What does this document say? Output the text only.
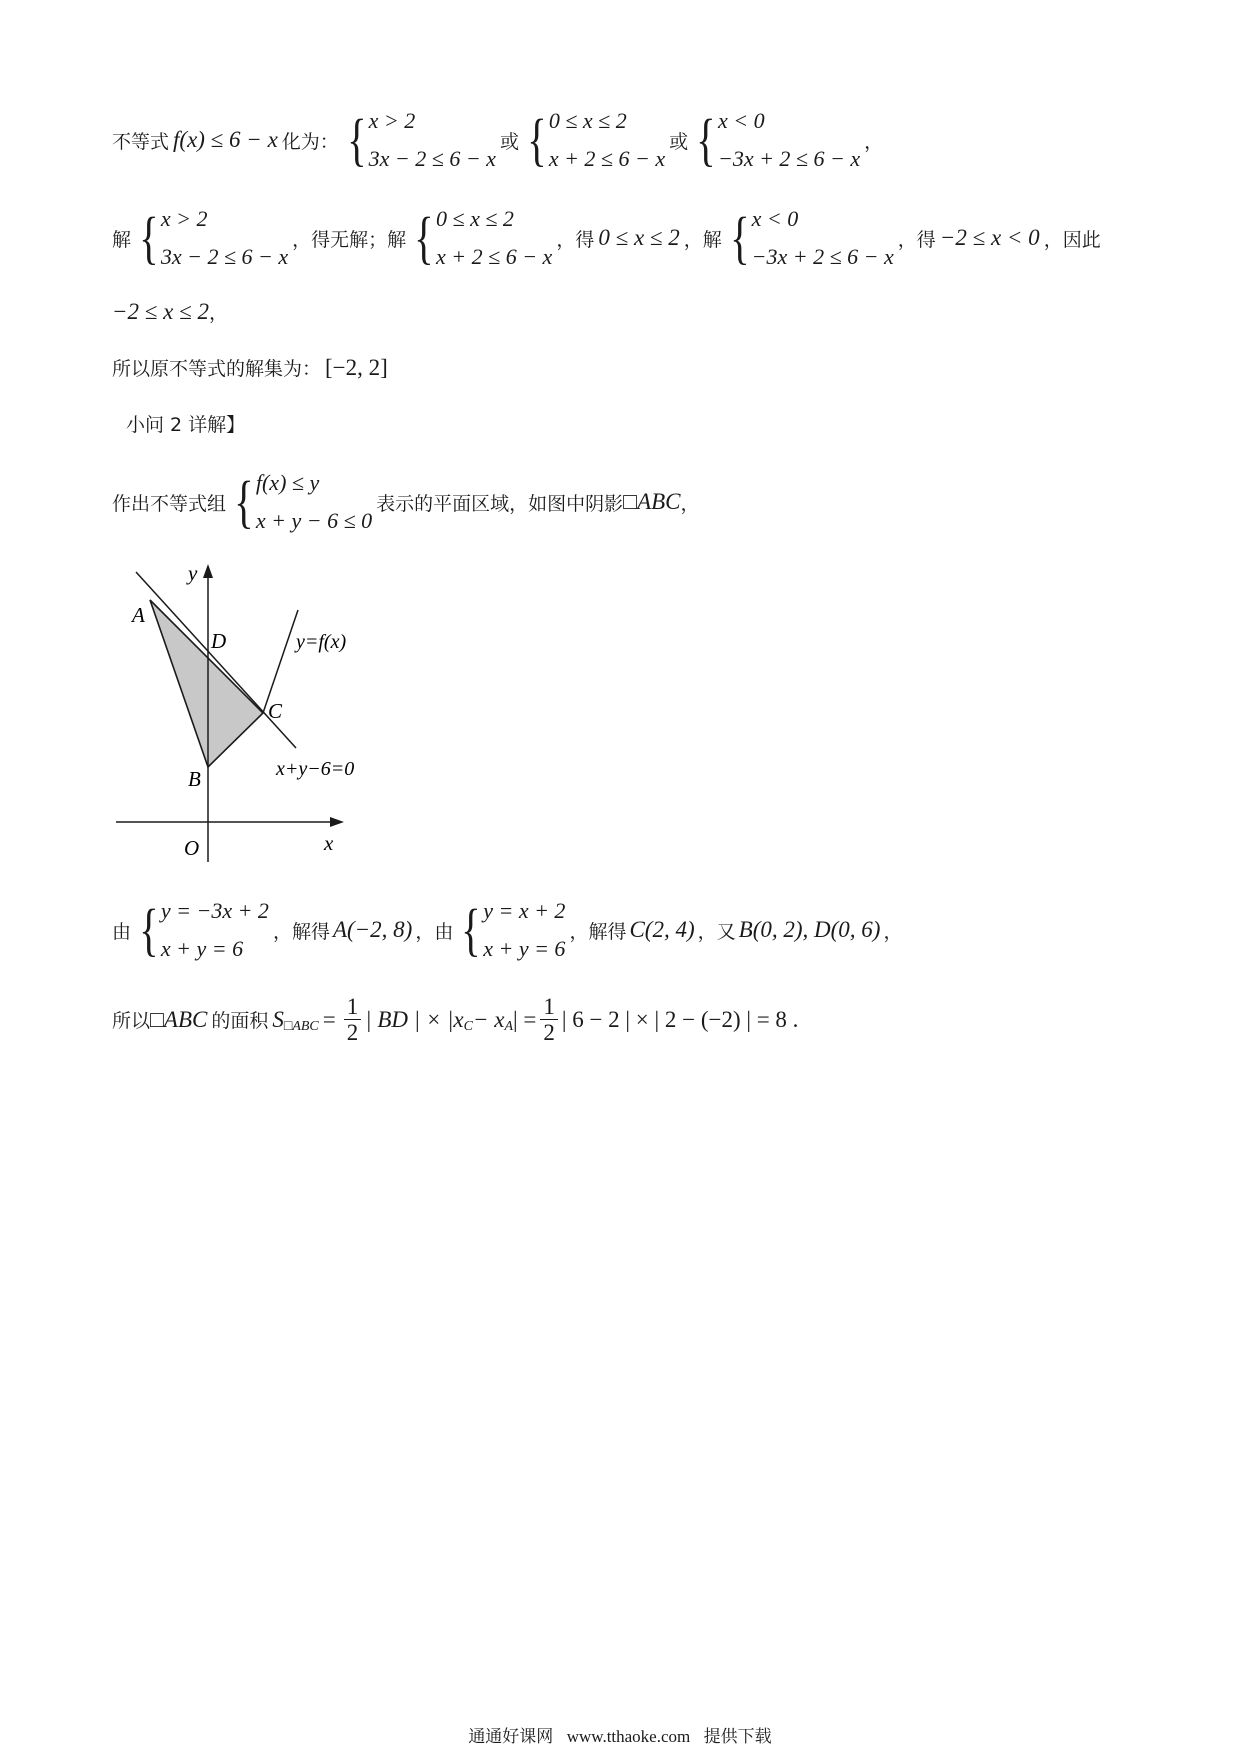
不等式 f(x) ≤ 6 − x 化为： { x > 2
3x − 2 ≤ 6 − x
或 { 0 ≤ x ≤ 2
x + 2 ≤ 6 − x
或 { x < 0
−3x + 2 ≤ 6 − x
，
解 { x > 2
3x − 2 ≤ 6 − x
，得无解；解 { 0 ≤ x ≤ 2
x + 2 ≤ 6 − x
，得 0 ≤ x ≤ 2 ，解 { x < 0
−3x + 2 ≤ 6 − x
，得 −2 ≤ x < 0 ，因此
−2 ≤ x ≤ 2 ，
所以原不等式的解集为： [−2, 2]
小问 2 详解】
作出不等式组 { f(x) ≤ y
x + y − 6 ≤ 0
表示的平面区域，如图中阴影 □ABC ，
y
x
O
A
D
C
B
y=f(x)
x+y−6=0
由 { y = −3x + 2
x + y = 6
，解得 A(−2, 8) ，由 { y = x + 2
x + y = 6
，解得 C(2, 4) ，又 B(0, 2), D(0, 6) ，
所以 □ABC 的面积 $S_{□ABC} = \frac{1}{2}$ | BD | × $|x_C - x_A$ | = $\frac{1}{2}$ | 6 − 2 | × | 2 − (−2) | = 8 .
通通好课网 www.tthaoke.com 提供下载
